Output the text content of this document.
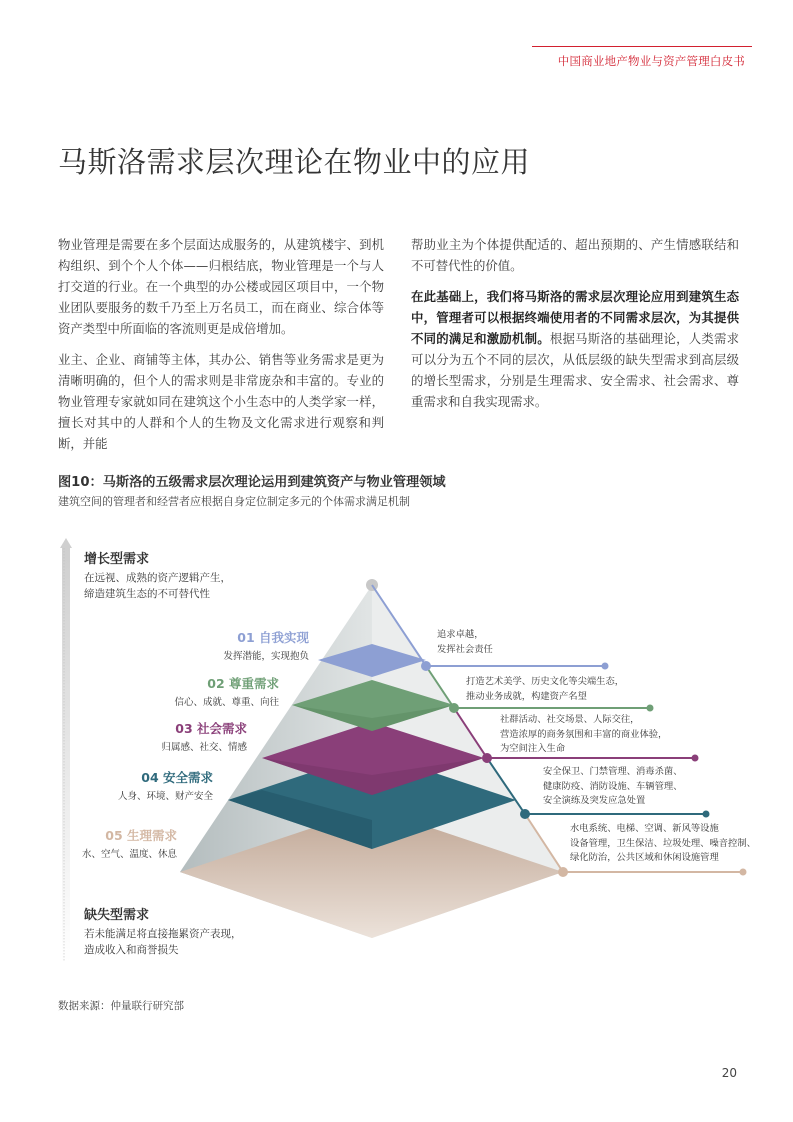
中国商业地产物业与资产管理白皮书
马斯洛需求层次理论在物业中的应用

物业管理是需要在多个层面达成服务的，从建筑楼宇、到机构组织、到个个人个体——归根结底，物业管理是一个与人打交道的行业。在一个典型的办公楼或园区项目中，一个物业团队要服务的数千乃至上万名员工，而在商业、综合体等资产类型中所面临的客流则更是成倍增加。

业主、企业、商铺等主体，其办公、销售等业务需求是更为清晰明确的，但个人的需求则是非常庞杂和丰富的。专业的物业管理专家就如同在建筑这个小生态中的人类学家一样，擅长对其中的人群和个人的生物及文化需求进行观察和判断，并能

帮助业主为个体提供配适的、超出预期的、产生情感联结和不可替代性的价值。

在此基础上，我们将马斯洛的需求层次理论应用到建筑生态中，管理者可以根据终端使用者的不同需求层次，为其提供不同的满足和激励机制。根据马斯洛的基础理论，人类需求可以分为五个不同的层次，从低层级的缺失型需求到高层级的增长型需求，分别是生理需求、安全需求、社会需求、尊重需求和自我实现需求。

图10：马斯洛的五级需求层次理论运用到建筑资产与物业管理领域
建筑空间的管理者和经营者应根据自身定位制定多元的个体需求满足机制
增长型需求
在远视、成熟的资产逻辑产生，
缔造建筑生态的不可替代性
缺失型需求
若未能满足将直接拖累资产表现，
造成收入和商誉损失
01 自我实现
发挥潜能，实现抱负
02 尊重需求
信心、成就、尊重、向往
03 社会需求
归属感、社交、情感
04 安全需求
人身、环境、财产安全
05 生理需求
水、空气、温度、休息
追求卓越，
发挥社会责任
打造艺术美学、历史文化等尖端生态，
推动业务成就，构建资产名望
社群活动、社交场景、人际交往，
营造浓厚的商务氛围和丰富的商业体验，
为空间注入生命
安全保卫、门禁管理、消毒杀菌、
健康防疫、消防设施、车辆管理、
安全演练及突发应急处置
水电系统、电梯、空调、新风等设施
设备管理，卫生保洁、垃圾处理、噪音控制、
绿化防治，公共区域和休闲设施管理
数据来源：仲量联行研究部
20
